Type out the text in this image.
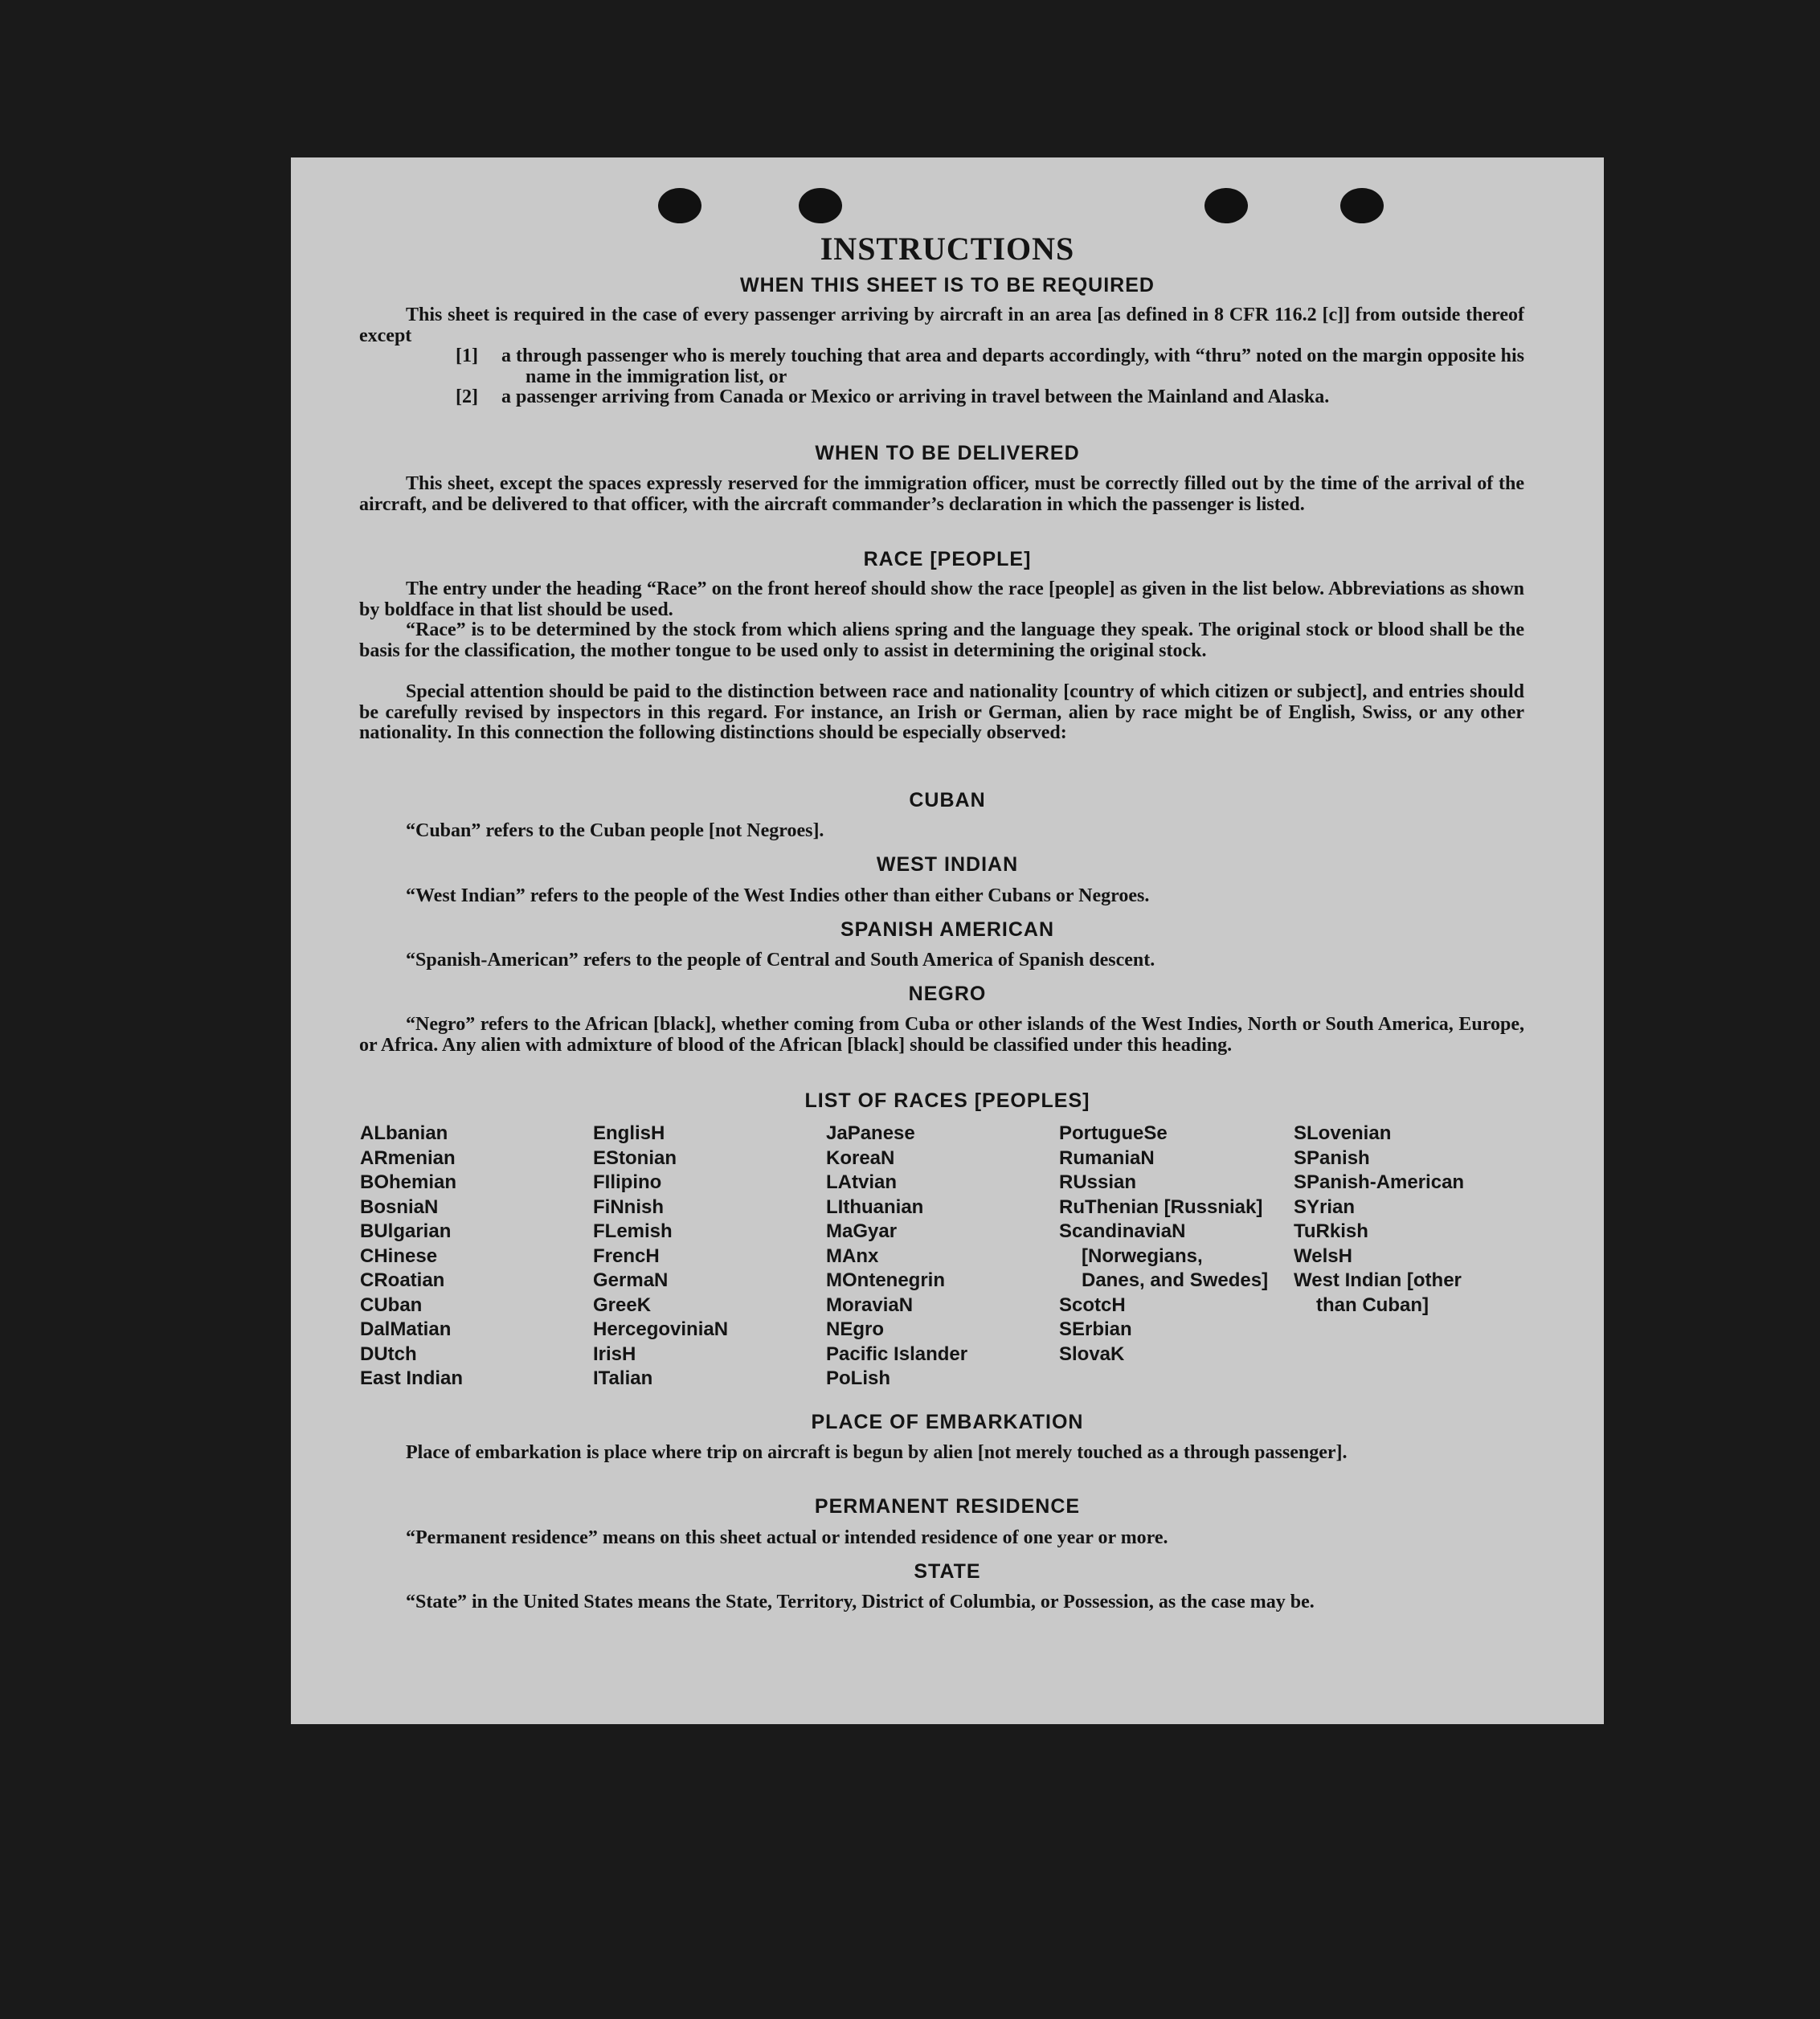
INSTRUCTIONS
WHEN THIS SHEET IS TO BE REQUIRED
This sheet is required in the case of every passenger arriving by aircraft in an area [as defined in 8 CFR 116.2 [c]] from outside thereof except
[1]	a through passenger who is merely touching that area and departs accordingly, with “thru” noted on the margin opposite his name in the immigration list, or
[2]	a passenger arriving from Canada or Mexico or arriving in travel between the Mainland and Alaska.
WHEN TO BE DELIVERED
This sheet, except the spaces expressly reserved for the immigration officer, must be correctly filled out by the time of the arrival of the aircraft, and be delivered to that officer, with the aircraft commander’s declaration in which the passenger is listed.
RACE [PEOPLE]
The entry under the heading “Race” on the front hereof should show the race [people] as given in the list below. Abbreviations as shown by boldface in that list should be used.
“Race” is to be determined by the stock from which aliens spring and the language they speak. The original stock or blood shall be the basis for the classification, the mother tongue to be used only to assist in determining the original stock.
Special attention should be paid to the distinction between race and nationality [country of which citizen or subject], and entries should be carefully revised by inspectors in this regard. For instance, an Irish or German, alien by race might be of English, Swiss, or any other nationality. In this connection the following distinctions should be especially observed:
CUBAN
“Cuban” refers to the Cuban people [not Negroes].
WEST INDIAN
“West Indian” refers to the people of the West Indies other than either Cubans or Negroes.
SPANISH AMERICAN
“Spanish-American” refers to the people of Central and South America of Spanish descent.
NEGRO
“Negro” refers to the African [black], whether coming from Cuba or other islands of the West Indies, North or South America, Europe, or Africa. Any alien with admixture of blood of the African [black] should be classified under this heading.
LIST OF RACES [PEOPLES]
ALbanian
ARmenian
BOhemian
BosniaN
BUlgarian
CHinese
CRoatian
CUban
DalMatian
DUtch
East Indian
EnglisH
EStonian
FIlipino
FiNnish
FLemish
FrencH
GermaN
GreeK
HercegoviniaN
IrisH
ITalian
JaPanese
KoreaN
LAtvian
LIthuanian
MaGyar
MAnx
MOntenegrin
MoraviaN
NEgro
Pacific Islander
PoLish
PortugueSe
RumaniaN
RUssian
RuThenian [Russniak]
ScandinaviaN [Norwegians, Danes, and Swedes]
ScotcH
SErbian
SlovaK
SLovenian
SPanish
SPanish-American
SYrian
TuRkish
WelsH
West Indian [other than Cuban]
PLACE OF EMBARKATION
Place of embarkation is place where trip on aircraft is begun by alien [not merely touched as a through passenger].
PERMANENT RESIDENCE
“Permanent residence” means on this sheet actual or intended residence of one year or more.
STATE
“State” in the United States means the State, Territory, District of Columbia, or Possession, as the case may be.
